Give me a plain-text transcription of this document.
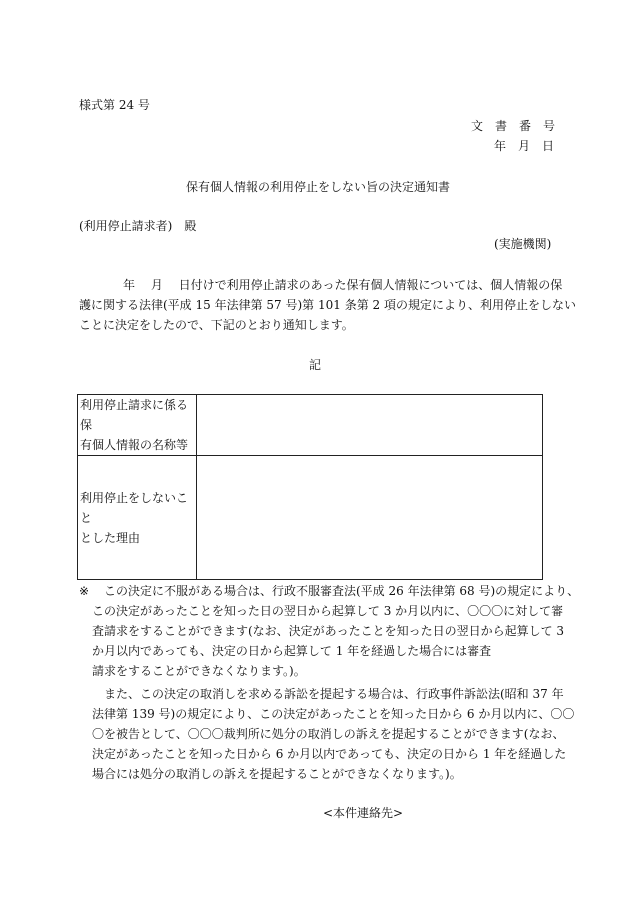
様式第 24 号
文　書　番　号
年　月　日
保有個人情報の利用停止をしない旨の決定通知書
(利用停止請求者)　殿
(実施機関)
年　 月 　日付けで利用停止請求のあった保有個人情報については、個人情報の保
護に関する法律(平成 15 年法律第 57 号)第 101 条第 2 項の規定により、利用停止をしない
ことに決定をしたので、下記のとおり通知します。
記
利用停止請求に係る保
有個人情報の名称等	

利用停止をしないこと
とした理由	

※ この決定に不服がある場合は、行政不服審査法(平成 26 年法律第 68 号)の規定により、
この決定があったことを知った日の翌日から起算して 3 か月以内に、〇〇〇に対して審
査請求をすることができます(なお、決定があったことを知った日の翌日から起算して 3
か月以内であっても、決定の日から起算して 1 年を経過した場合には審査
請求をすることができなくなります。)。
また、この決定の取消しを求める訴訟を提起する場合は、行政事件訴訟法(昭和 37 年
法律第 139 号)の規定により、この決定があったことを知った日から 6 か月以内に、〇〇
〇を被告として、〇〇〇裁判所に処分の取消しの訴えを提起することができます(なお、
決定があったことを知った日から 6 か月以内であっても、決定の日から 1 年を経過した
場合には処分の取消しの訴えを提起することができなくなります。)。
<本件連絡先>
